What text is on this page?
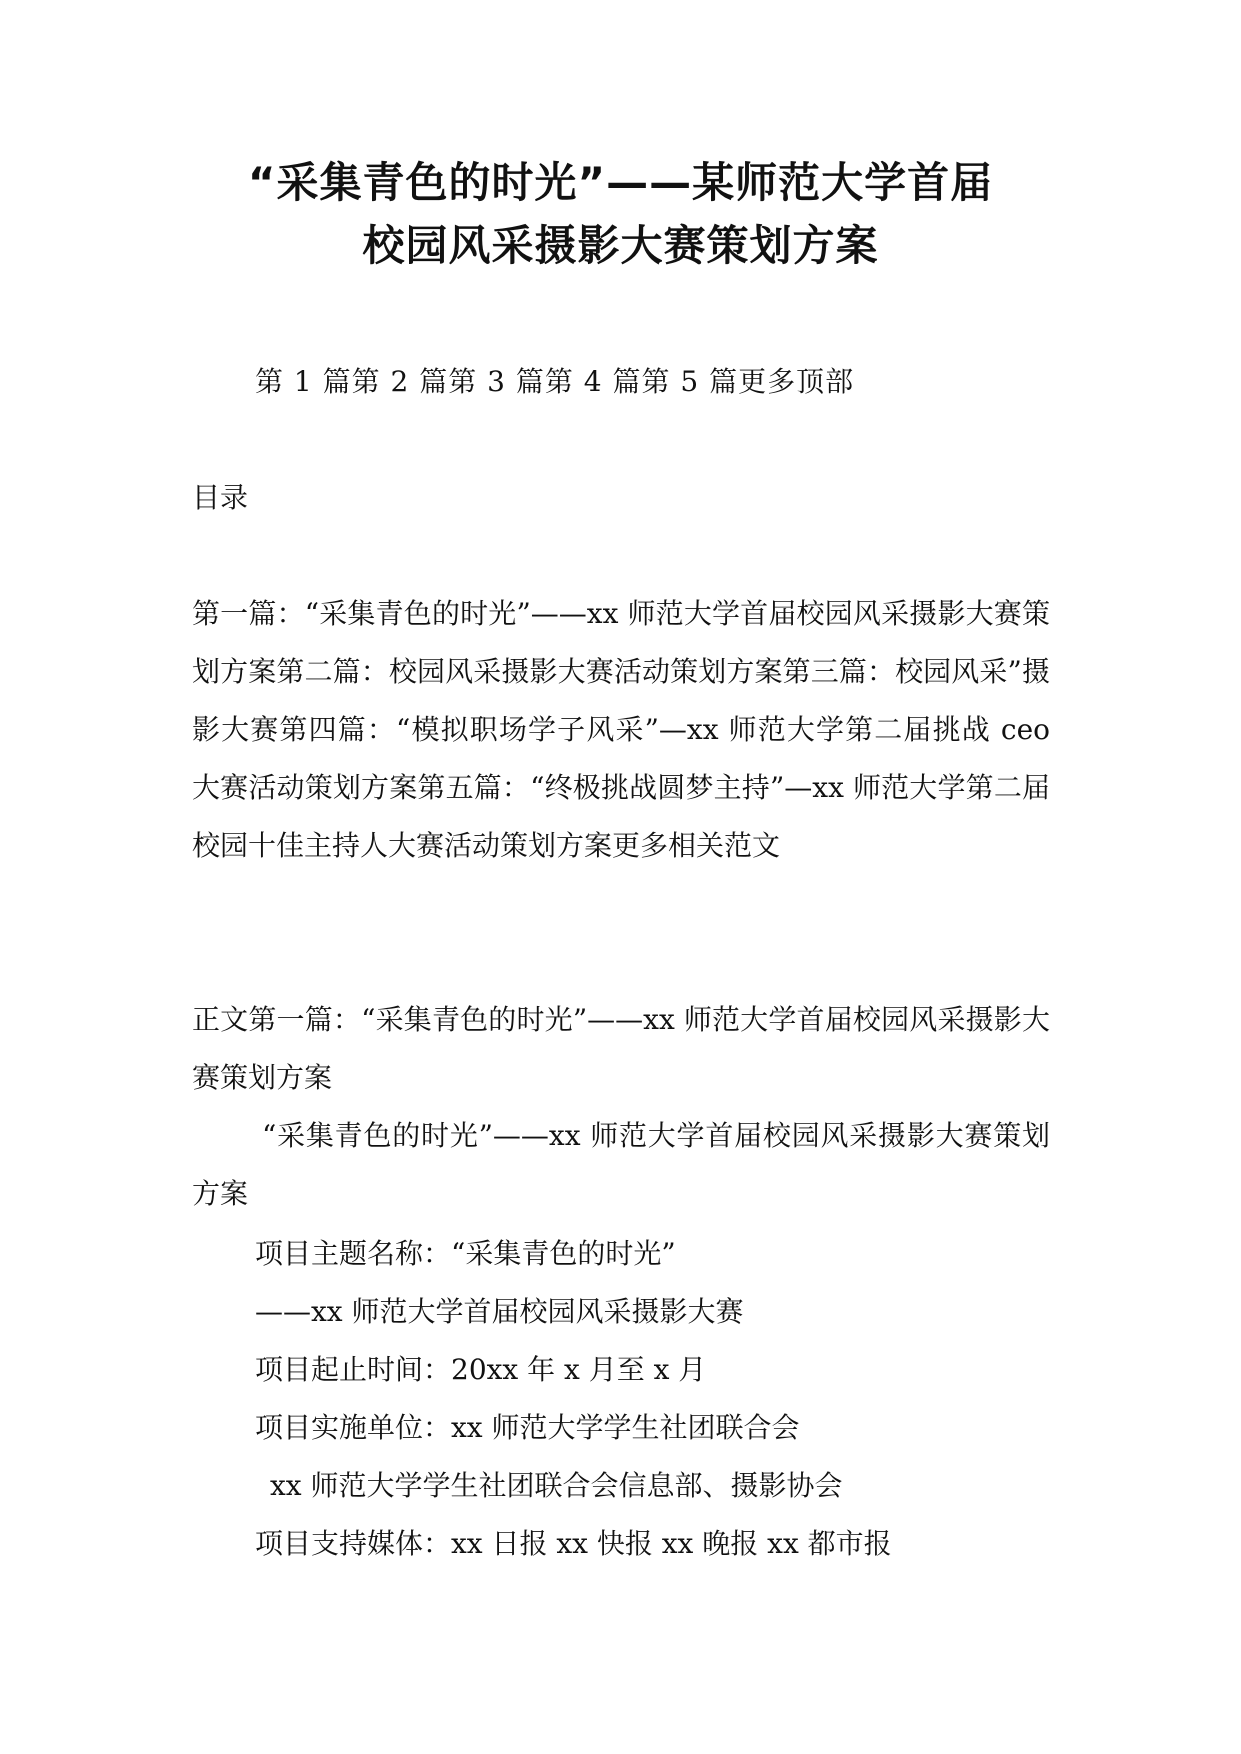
“采集青色的时光”——某师范大学首届
校园风采摄影大赛策划方案
第 1 篇第 2 篇第 3 篇第 4 篇第 5 篇更多顶部
目录
第一篇：“采集青色的时光”——xx 师范大学首届校园风采摄影大赛策划方案第二篇：校园风采摄影大赛活动策划方案第三篇：校园风采”摄影大赛第四篇：“模拟职场学子风采”—xx 师范大学第二届挑战 ceo 大赛活动策划方案第五篇：“终极挑战圆梦主持”—xx 师范大学第二届校园十佳主持人大赛活动策划方案更多相关范文
正文第一篇：“采集青色的时光”——xx 师范大学首届校园风采摄影大赛策划方案
“采集青色的时光”——xx 师范大学首届校园风采摄影大赛策划方案
项目主题名称：“采集青色的时光”
——xx 师范大学首届校园风采摄影大赛
项目起止时间：20xx 年 x 月至 x 月
项目实施单位：xx 师范大学学生社团联合会
xx 师范大学学生社团联合会信息部、摄影协会
项目支持媒体：xx 日报 xx 快报 xx 晚报 xx 都市报
